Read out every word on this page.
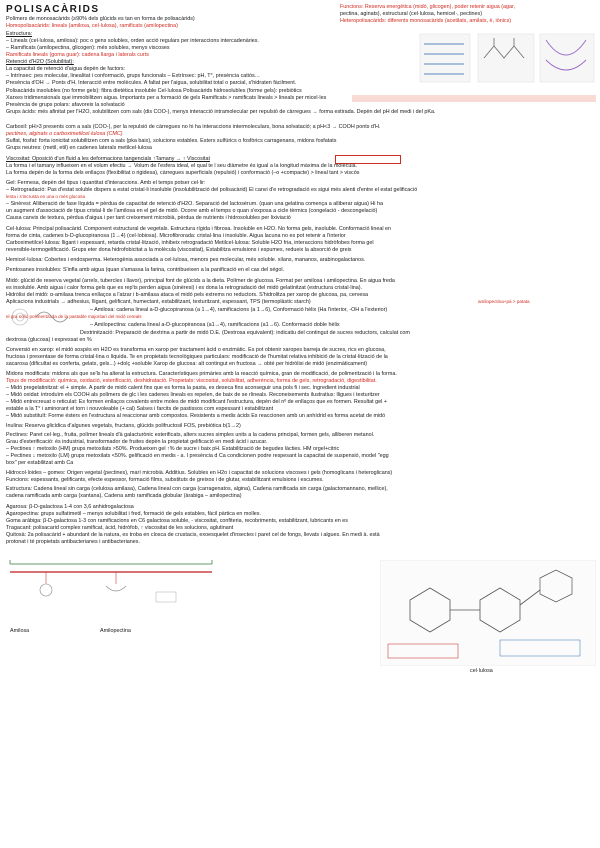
POLISACÀRIDS	Funcions: Reserva energètica (midó, glicogen), poder retenir aigua (agar,
pectina, aginats), estructural (cel·lulosa, hemicel·, pectines)
Heteropolisacàrids: diferents monosacàrids (acetilats, amilats, è, iònics)
Polímers de monosacàrids (≥90% dels glúcids es tan en forma de polisacàrids)
Homopolisacàrids: lineals (amilosa, cel·lulosa), ramificats (amilopectina)
Estructura:
– Lineals (cel·lulosa, amilosa): poc o gens solubles, orden acció regulars per interaccions intercadenàries.
– Ramificats (amilopectina, glicogen): més solubles, menys viscoses
Ramificats lineals (goma guar): cadena llarga i laterals curts
Retenció d'H2O (Solubilitat):
La capacitat de retenció d'aigua depèn de factors:
– Intrínsec: pes molecular, linealitat i conformació, grups funcionals – Extrínsec: pH, T°, presència catiós…
Presència d'OH → Ponts d'H. Interacció entre molècules. A faltat per l'aigua, solubilitat total o parcial, s'hidraten fàcilment.
Polisacàrids insolubles (no forme gels): fibra dietètica insoluble Cel·lulosa Polisacàrids hidrosolubles (forme gels): prebiòtics
Xarxes tridimensionals que immobilitzen aigua. Importants per a formació de gels Ramificats > ramificats lineals > lineals per micel·les
Presència de grups polars: afavoreix la solvatació
Grups àcids: més afinitat per l'H2O, solubilitzen com sals (dis COO-), menys interacció intramolecular per repulsió de càrregues → forma estirada. Depèn del pH del medi i del pKa.
Carboxil: pH>3 presents com a sals (COO-), per la repulsió de càrregues no hi ha interaccions intermoleculars, bona solvatació; a pH<3 → COOH ponts d'H.
pectines, alginats o carboximetilcel·lulosa (CMC)
Sulfat, fosfat: forta ionicitat solubilitzen com a sals (pka baix), solucions estables. Èsters sulfúrics o fosfòrics carragenans, midons fosfatats
Grups neutres: (metil, etil) en cadenes laterals metilcel·lulosa
Viscositat: Oposició d'un fluid a les deformacions tangencials ↑Tamany → ↑ Viscositat
La forma i el tamany influeixen en el volum efectiu → Volum de l'esfera ideal, el qual te l seu diàmetre és igual a la longitud màxima de la molècula.
La forma depèn de la forma dels enllaços (flexibilitat o rigidesa), càrregues superficials (repulsió) i conformació (–o +compacte) > lineal tant > viscós
Gel: Fermesa, depèn del tipus i quantitat d'interaccions. Amb el temps potser cel·lir:
– Retrogradació: Pas d'estat soluble dispers a estat cristal·li insoluble (insolubilització del polisacàrid) El canvi d'e retrogradació es sigui més alenti d'entre el estat gelificació
lenta i s'incrusta en una o més glucosa
– Sinèresi: Alliberació de fase líquida = pèrdua de capacitat de retenció d'H2O. Separació del lactosèrum. (quan una gelatina comença a alliberar aigua) Hi ha
un augment d'associació de tipus cristal·li de l'amilosa en el gel de midó. Ocorre amb el temps o quan s'exposa a cicle tèrmics (congelació - descongelació)
Causa canvis de textura, pèrdua d'aigua i per tant creixement microbià, pèrdua de nutrients i hidrosolubles per lixiviació
Cel·lulosa: Principal polisacàrid. Component estructural de vegetals. Estructura rígida i fibrosa. Insoluble en H2O. No forma gels, insoluble. Conformació lineal en
forma de cinta, cadenes b-D-glucopiranosa (1→4) (cel·lobiosa). Microfibrorada: cristal·lina i insoluble. Aigua lacuna no es pot retenir a l'interior
Carboximetilcel·lulosa: lligant i espessant, retarda cristal·lització, inhibeix retrogradació Metilcel·lulosa: Soluble H2O fria, interaccions hidròfobes forma gel
reversible-termogelificació. Grups eter dona hidrofobicitat a la molècula (viscositat), Estabilitza emulsions i espumes, redueix la absorció de greix
Hemicel·lulosa: Cobertes i endosperma. Heterogènia associada a cel·lulosa, menors pes molecular, més soluble. xilans, mananos, arabinogalactanos.
Pentosanes insolubles: S'infla amb aigua (quan s'amassa la farina, contribueixen a la panificació en el cas del ségol.
Midó: glúcid de reserva vegetal (arrels, tubercles i llavor), principal font de glúcids a la dieta. Polímer de glucosa. Format per amilosa i amilopectina. En aigua freda
es insoluble. Amb aigua i calor forma gels que es rep'ts perden aigua (sinèresi) i es dona la retrogradació del midó gelatinitzat (estructura cristal·lina).
Hidròlisi del midó: α-amilasa trenca enllaços a l'atzar i b-amilasa ataca el midó pels extrems no reductors. S'hidrolitza per xarop de glucosa, pa, cervesa
Aplicacions industrials → adhesius, lligant, gelificant, humectant, estabilitzant, texturitzant, espessant, TPS (termoplàstic starch)	amilopectina+pà > patata
– Amilosa: cadena lineal a-D-glucopiranosa (a 1→4), ramificacions (a 1→6), Conformació hèlix (Ha l'interior, -OH a l'exterior)
el gra sòlid polimeritzada de la pastable majoritari del midó cereals
– Amilopectina: cadena lineal a-D-glucopiranosa (a1→4), ramificacions (a1→6). Conformació doble hèlix
Dextrinització: Preparació de dextrina a partir de midó D.E. (Dextrosa equivalent): indicatiu del contingut de sucres reductors, calculat com
dextrosa (glucosa) i expressat en %
Conversió en xarop: el midó sospès en H2O es transforma en xarop per tractament àcid o enzimàtic. Es pot obtenir xaropes barreja de sucres, rics en glucosa,
fructosa i presentase de forma cristal·lina o líquida. Te en propietats tecnològiques particulars: modificació de l'humitat relativa inhibició de la cristal·lització de la
sacarosa (dificultat es conferta, gelats, gels...) +dolç +soluble Xarop de glucosa: alt contingut en fructosa → obté per hidròlisi de midó (enzimàticament)
Midons modificats: midons als que se'ls ha alterat la estructura. Característiques primàries amb la reacció química, gran de modificació, de polimerització i la forma.
Tipus de modificació: química, oxidació, esterificació, deshidratació. Propietats: viscositat, solubilitat, adherència, forma de gels, retrogradació, digestibilitat.
– Midó pregelatinitzat: el + simple. A partir de midó calent fins que es forma la pasta, es deseca fins aconseguir una pols fi i sec. Ingredient industrial
– Midó oxidat: introduïm els COOH als polímers de glc i les cadenes lineals es repelen, de baix de se rlineals. Reconeixements ilustratius: lligues i texturitzer
– Midó entrecreuat o reticulat: Es formen enllaços covalents entre moles de midó modificant l'estructura, depèn del nº de enllaços que es formen. Resultat gel +
estable a la T° i aminorant el torn i nouvoleable (+ cal) Salses i farcits de pastissos com espessant i estabilitzant
– Midó substituït: Forme ésters en l'estructura al reaccionar amb compostos. Resistents a medis àcids Es reaccionen amb un anhídrid es forma acetat de midó
Inulina: Reserva glicídica d'algunes vegetals, fructans, glúcids polifructosil FOS, prebiòtica b(1→2)
Pectines: Paret cel·leg., fruita, polímer lineals d'à galacturònic esterificats, alters sucres simples units a la cadena principal, formen gels, alliberen metanol.
Grau d'esterificació: és industrial, transformador de fruites depèn la propietat gelificació en medi àcid i azucar.
– Pectines ↑ metoxilo (HM) grups metoxilats >50%. Produeixen gel ↑% de sucre i baix pH. Estabilització de begudes làcties. HM orgel+citric
– Pectines ↓ metoxilo (LM) grups metoxilats <50%. gelificació en medis - a. I presència d Ca condicionen podre respesant la capacitat de suspensió, model "egg
box" per estabilitzat amb Ca
Hidrocol·loides – gomes: Origen vegetal (pectines), marí microbià. Additius. Solubles en H2o i capacitat de solucions viscoses i gels (homoglicans i heteroglicans)
Funcions: espessants, gelificants, efecte espessor, formació films, substituts de greixos i de glutar, estabilitzant emulsions i escumes.
Estructura: Cadena lineal sin carga (celulosa amilasa), Cadena lineal con carga (carragenatos, algina), Cadena ramificada sin carga (galactomannano, mellice),
cadena ramificada amb carga (xantana), Cadena amb ramificada globular (àrabiga – amilopectina)
Agarosa: β-D-galactosa 1-4 con 3,6 anhidrogalactosa
Agaropectina: grups sulfatimetil – menys solubilitat i fred, formació de gels estables, fàcil pàrtica en molles.
Goma aràbiga: β-D-galactosa 1-3 con ramificacions en C6 galactosa soluble, - viscositat, confiteria, recobriments, estabilitzant, lubricants en es
Tragacant: polisacarid complex ramificat, àcid, hidròfob, ↑ viscositat de les solucions, aglutinant
Quitosà: 2a polisacàrid + abundant de la natura, es troba en closca de crustacis, exoesquelet d'insectes i paret cel de fongs, llevats i algues. En medi à. està
protonat i té propietats antibacterianes i antibacterianes.
Amilosa	Amilopectina
cel·lulosa
